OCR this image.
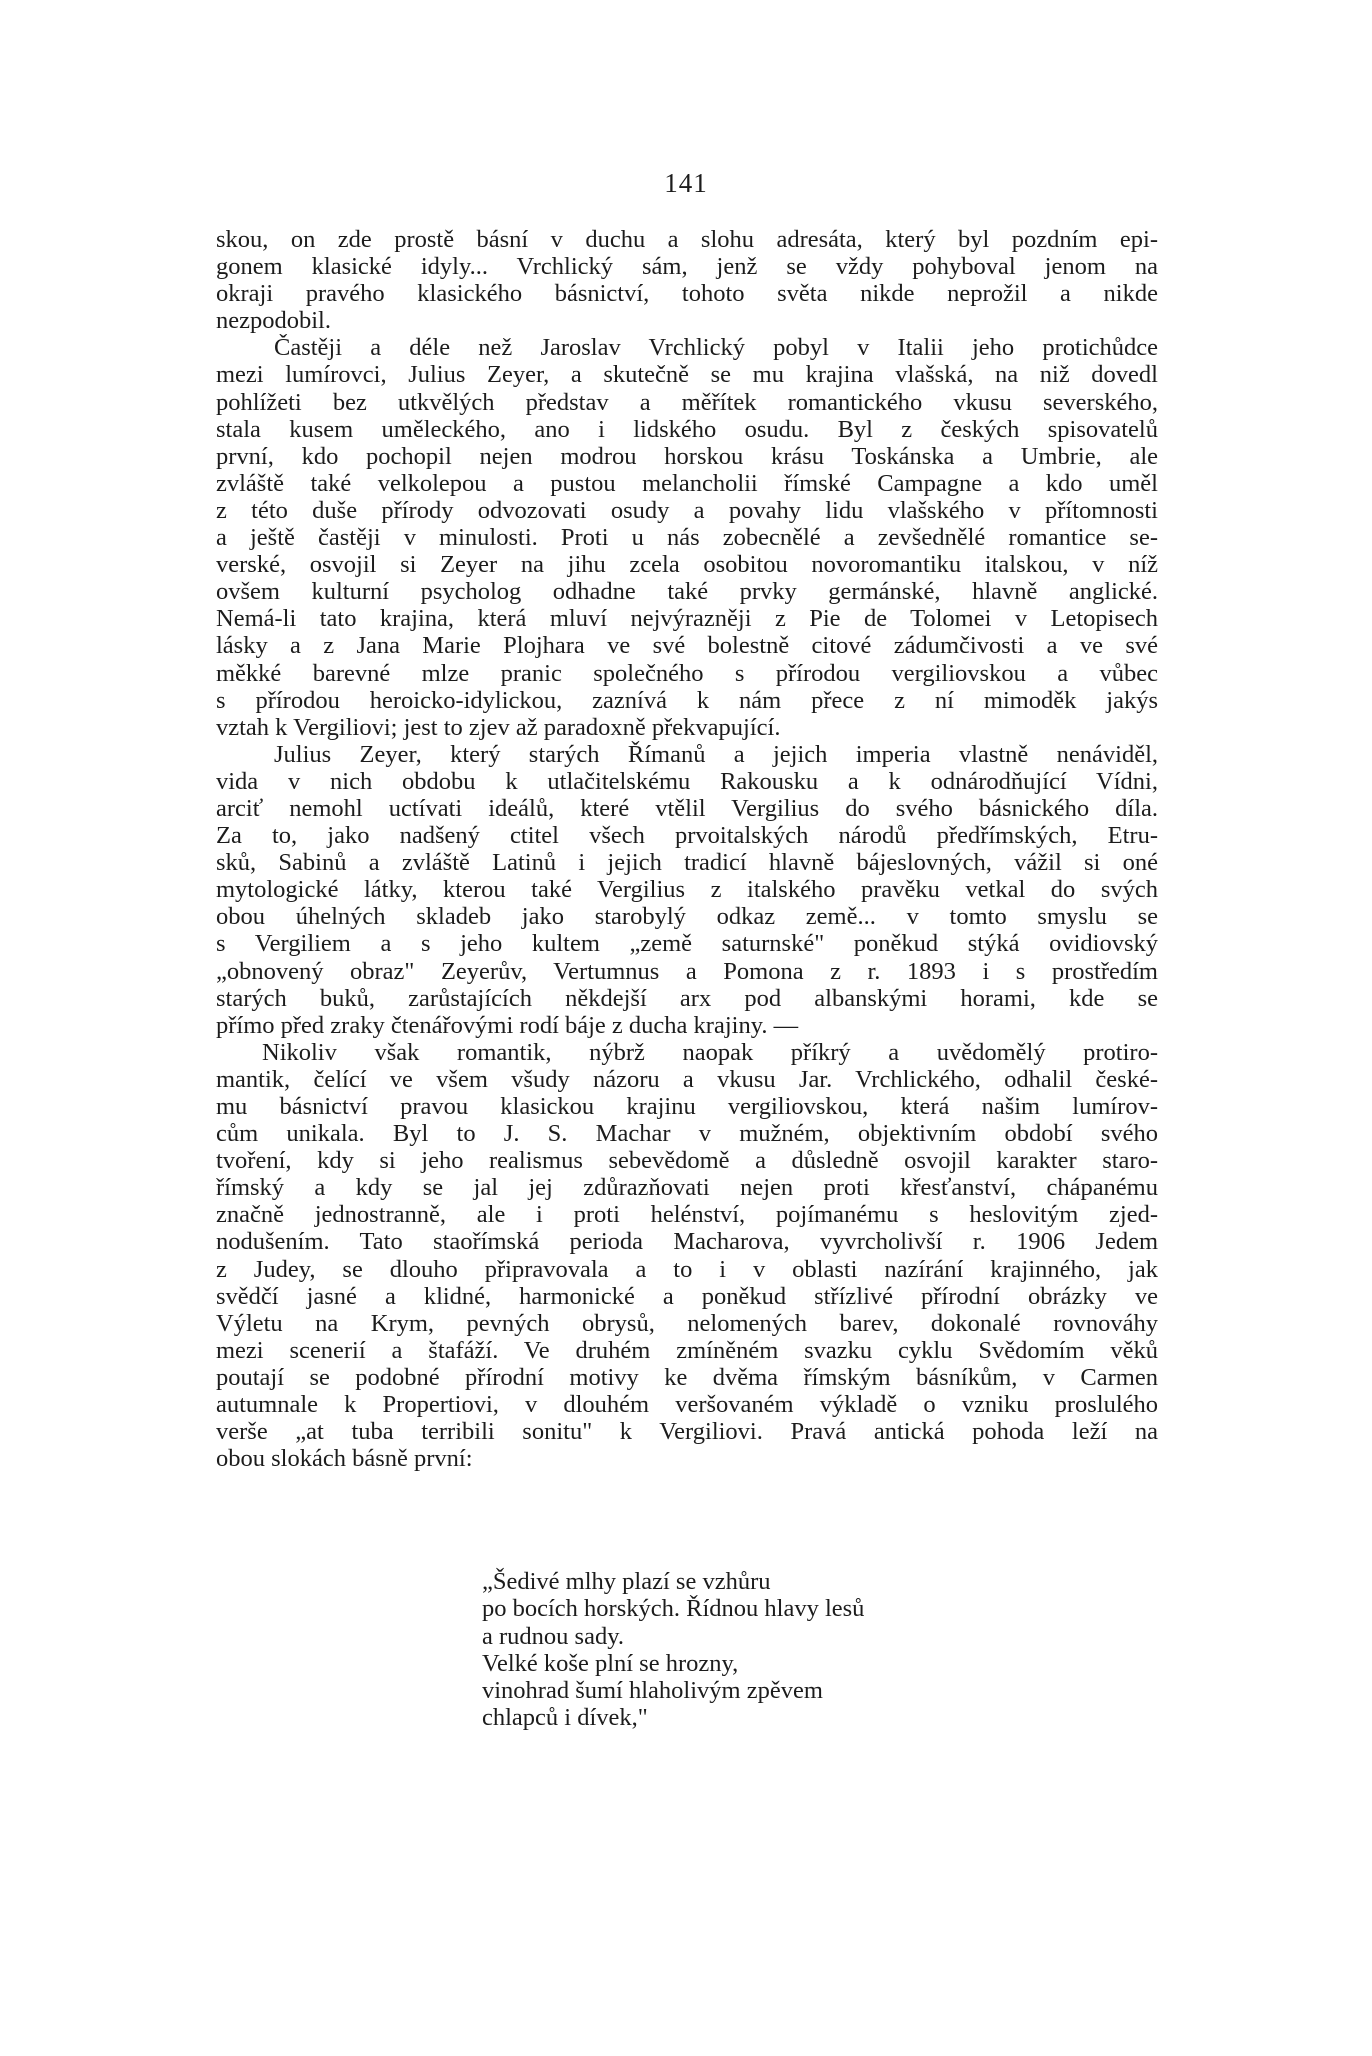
141
skou, on zde prostě básní v duchu a slohu adresáta, který byl pozdním epi-
gonem klasické idyly... Vrchlický sám, jenž se vždy pohyboval jenom na
okraji pravého klasického básnictví, tohoto světa nikde neprožil a nikde
nezpodobil.
Častěji a déle než Jaroslav Vrchlický pobyl v Italii jeho protichůdce
mezi lumírovci, Julius Zeyer, a skutečně se mu krajina vlašská, na niž dovedl
pohlížeti bez utkvělých představ a měřítek romantického vkusu severského,
stala kusem uměleckého, ano i lidského osudu. Byl z českých spisovatelů
první, kdo pochopil nejen modrou horskou krásu Toskánska a Umbrie, ale
zvláště také velkolepou a pustou melancholii římské Campagne a kdo uměl
z této duše přírody odvozovati osudy a povahy lidu vlašského v přítomnosti
a ještě častěji v minulosti. Proti u nás zobecnělé a zevšednělé romantice se-
verské, osvojil si Zeyer na jihu zcela osobitou novoromantiku italskou, v níž
ovšem kulturní psycholog odhadne také prvky germánské, hlavně anglické.
Nemá-li tato krajina, která mluví nejvýrazněji z Pie de Tolomei v Letopisech
lásky a z Jana Marie Plojhara ve své bolestně citové zádumčivosti a ve své
měkké barevné mlze pranic společného s přírodou vergiliovskou a vůbec
s přírodou heroicko-idylickou, zaznívá k nám přece z ní mimoděk jakýs
vztah k Vergiliovi; jest to zjev až paradoxně překvapující.
Julius Zeyer, který starých Římanů a jejich imperia vlastně nenáviděl,
vida v nich obdobu k utlačitelskému Rakousku a k odnárodňující Vídni,
arciť nemohl uctívati ideálů, které vtělil Vergilius do svého básnického díla.
Za to, jako nadšený ctitel všech prvoitalských národů předřímských, Etru-
sků, Sabinů a zvláště Latinů i jejich tradicí hlavně bájeslovných, vážil si oné
mytologické látky, kterou také Vergilius z italského pravěku vetkal do svých
obou úhelných skladeb jako starobylý odkaz země... v tomto smyslu se
s Vergiliem a s jeho kultem „země saturnské" poněkud stýká ovidiovský
„obnovený obraz" Zeyerův, Vertumnus a Pomona z r. 1893 i s prostředím
starých buků, zarůstajících někdejší arx pod albanskými horami, kde se
přímo před zraky čtenářovými rodí báje z ducha krajiny. —
Nikoliv však romantik, nýbrž naopak příkrý a uvědomělý protiro-
mantik, čelící ve všem všudy názoru a vkusu Jar. Vrchlického, odhalil české-
mu básnictví pravou klasickou krajinu vergiliovskou, která našim lumírov-
cům unikala. Byl to J. S. Machar v mužném, objektivním období svého
tvoření, kdy si jeho realismus sebevědomě a důsledně osvojil karakter staro-
římský a kdy se jal jej zdůrazňovati nejen proti křesťanství, chápanému
značně jednostranně, ale i proti helénství, pojímanému s heslovitým zjed-
nodušením. Tato staořímská perioda Macharova, vyvrcholivší r. 1906 Jedem
z Judey, se dlouho připravovala a to i v oblasti nazírání krajinného, jak
svědčí jasné a klidné, harmonické a poněkud střízlivé přírodní obrázky ve
Výletu na Krym, pevných obrysů, nelomených barev, dokonalé rovnováhy
mezi scenerií a štafáží. Ve druhém zmíněném svazku cyklu Svědomím věků
poutají se podobné přírodní motivy ke dvěma římským básníkům, v Carmen
autumnale k Propertiovi, v dlouhém veršovaném výkladě o vzniku proslulého
verše „at tuba terribili sonitu" k Vergiliovi. Pravá antická pohoda leží na
obou slokách básně první:
„Šedivé mlhy plazí se vzhůru
po bocích horských. Řídnou hlavy lesů
a rudnou sady.
Velké koše plní se hrozny,
vinohrad šumí hlaholivým zpěvem
chlapců i dívek,"
